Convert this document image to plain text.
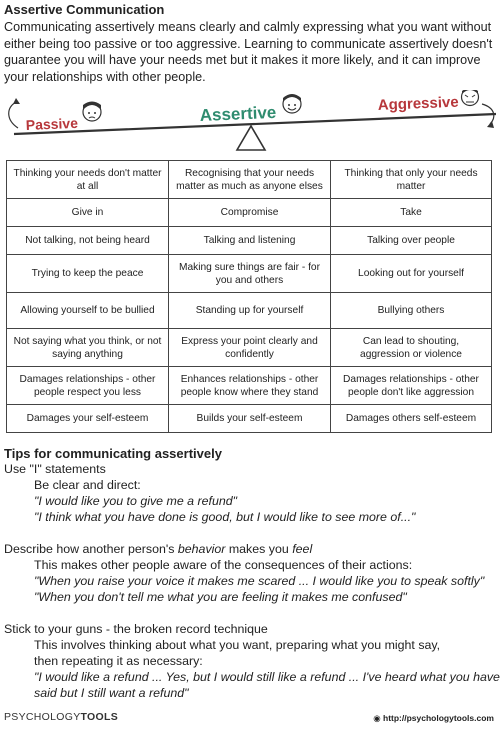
Assertive Communication
Communicating assertively means clearly and calmly expressing what you want without either being too passive or too aggressive. Learning to communicate assertively doesn't guarantee you will have your needs met but it makes it more likely, and it can improve your relationships with other people.
Passive	Assertive	Aggressive
Thinking your needs don't matter at all	Recognising that your needs matter as much as anyone elses	Thinking that only your needs matter
Give in	Compromise	Take
Not talking, not being heard	Talking and listening	Talking over people
Trying to keep the peace	Making sure things are fair - for you and others	Looking out for yourself
Allowing yourself to be bullied	Standing up for yourself	Bullying others
Not saying what you think, or not saying anything	Express your point clearly and confidently	Can lead to shouting, aggression or violence
Damages relationships - other people respect you less	Enhances relationships - other people know where they stand	Damages relationships - other people don't like aggression
Damages your self-esteem	Builds your self-esteem	Damages others self-esteem
Tips for communicating assertively
Use "I" statements
Be clear and direct:
"I would like you to give me a refund"
"I think what you have done is good, but I would like to see more of..."
Describe how another person's behavior makes you feel
This makes other people aware of the consequences of their actions:
"When you raise your voice it makes me scared ... I would like you to speak softly"
"When you don't tell me what you are feeling it makes me confused"
Stick to your guns - the broken record technique
This involves thinking about what you want, preparing what you might say,
then repeating it as necessary:
"I would like a refund ... Yes, but I would still like a refund ... I've heard what you have
said but I still want a refund"
PSYCHOLOGYTOOLS	◉ http://psychologytools.com
